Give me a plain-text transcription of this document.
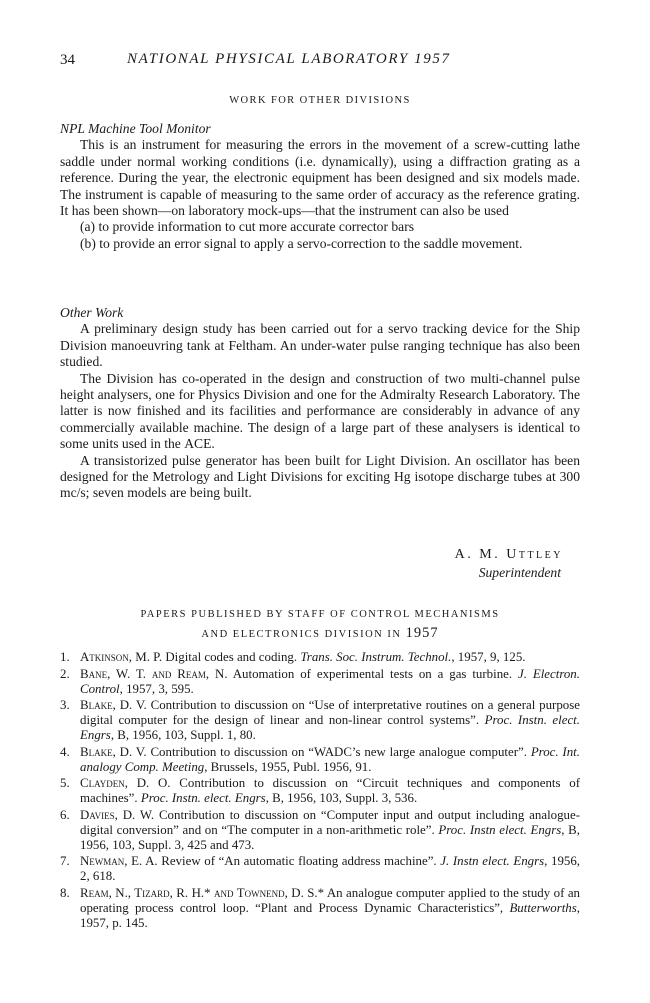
34	NATIONAL PHYSICAL LABORATORY 1957
WORK FOR OTHER DIVISIONS
NPL Machine Tool Monitor

This is an instrument for measuring the errors in the movement of a screw-cutting lathe saddle under normal working conditions (i.e. dynamically), using a diffraction grating as a reference. During the year, the electronic equipment has been designed and six models made. The instrument is capable of measuring to the same order of accuracy as the reference grating. It has been shown—on laboratory mock-ups—that the instrument can also be used

(a) to provide information to cut more accurate corrector bars

(b) to provide an error signal to apply a servo-correction to the saddle movement.

Other Work

A preliminary design study has been carried out for a servo tracking device for the Ship Division manoeuvring tank at Feltham. An under-water pulse ranging technique has also been studied.

The Division has co-operated in the design and construction of two multi-channel pulse height analysers, one for Physics Division and one for the Admiralty Research Laboratory. The latter is now finished and its facilities and performance are considerably in advance of any commercially available machine. The design of a large part of these analysers is identical to some units used in the ACE.

A transistorized pulse generator has been built for Light Division. An oscillator has been designed for the Metrology and Light Divisions for exciting Hg isotope discharge tubes at 300 mc/s; seven models are being built.

A. M. Uttley
Superintendent
PAPERS PUBLISHED BY STAFF OF CONTROL MECHANISMS
AND ELECTRONICS DIVISION IN 1957
1. Atkinson, M. P. Digital codes and coding. Trans. Soc. Instrum. Technol., 1957, 9, 125.
2. Bane, W. T. and Ream, N. Automation of experimental tests on a gas turbine. J. Electron. Control, 1957, 3, 595.
3. Blake, D. V. Contribution to discussion on “Use of interpretative routines on a general purpose digital computer for the design of linear and non-linear control systems”. Proc. Instn. elect. Engrs, B, 1956, 103, Suppl. 1, 80.
4. Blake, D. V. Contribution to discussion on “WADC’s new large analogue computer”. Proc. Int. analogy Comp. Meeting, Brussels, 1955, Publ. 1956, 91.
5. Clayden, D. O. Contribution to discussion on “Circuit techniques and components of machines”. Proc. Instn. elect. Engrs, B, 1956, 103, Suppl. 3, 536.
6. Davies, D. W. Contribution to discussion on “Computer input and output including analogue-digital conversion” and on “The computer in a non-arithmetic role”. Proc. Instn elect. Engrs, B, 1956, 103, Suppl. 3, 425 and 473.
7. Newman, E. A. Review of “An automatic floating address machine”. J. Instn elect. Engrs, 1956, 2, 618.
8. Ream, N., Tizard, R. H.* and Townend, D. S.* An analogue computer applied to the study of an operating process control loop. “Plant and Process Dynamic Characteristics”, Butterworths, 1957, p. 145.
